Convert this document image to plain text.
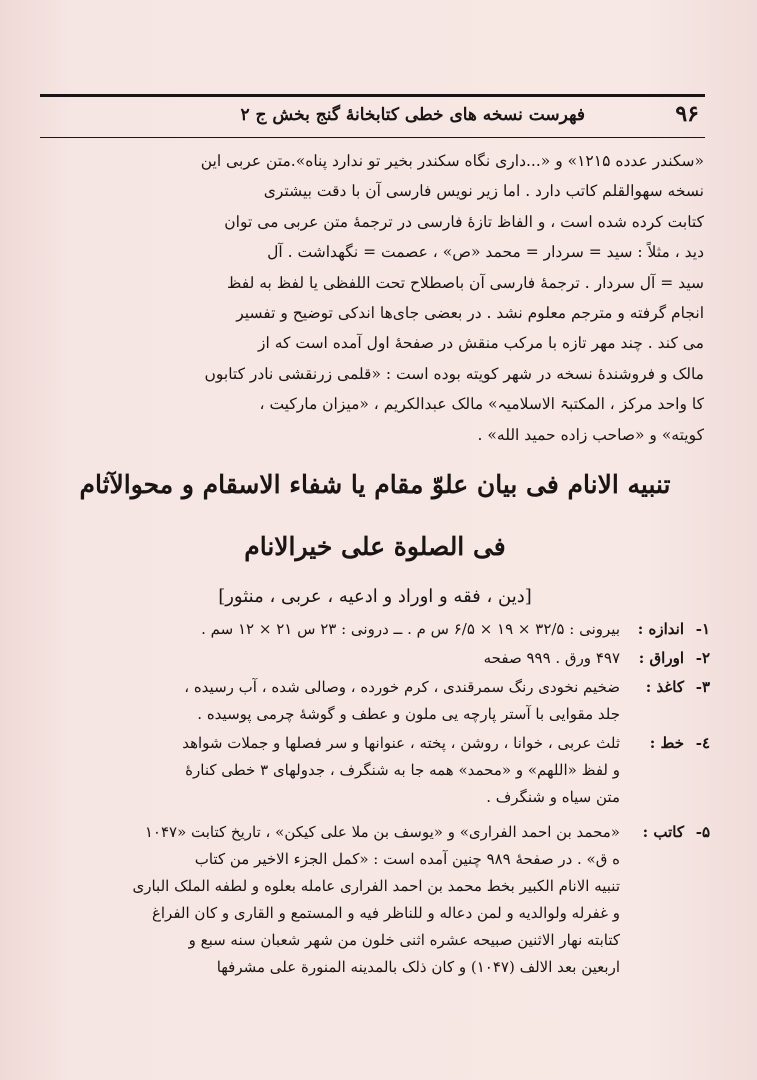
۹۶
فهرست نسخه های خطی کتابخانهٔ گنج بخش ج ۲

«سکندر عدده ۱۲۱۵» و «...داری نگاه سکندر بخیر تو ندارد پناه».متن عربی این

نسخه سهوالقلم کاتب دارد . اما زیر نویس فارسی آن با دقت بیشتری

کتابت کرده شده است ، و الفاظ تازهٔ فارسی در ترجمهٔ متن عربی می توان

دید ، مثلاً : سید = سردار = محمد «ص» ، عصمت = نگهداشت . آل

سید = آل سردار . ترجمهٔ فارسی آن باصطلاح تحت اللفظی یا لفظ به لفظ

انجام گرفته و مترجم معلوم نشد . در بعضی جای‌ها اندکی توضیح و تفسیر

می کند . چند مهر تازه با مرکب منقش در صفحهٔ اول آمده است که از

مالک و فروشندهٔ نسخه در شهر کویته بوده است : «قلمی زرنقشی نادر کتابوں

کا واحد مرکز ، المکتبۃ الاسلامیہ» مالک عبدالکریم ، «میزان مارکیت ،

کویته» و «صاحب زاده حمید الله» .

تنبیه الانام فی بیان علوّ مقام یا شفاء الاسقام و محوالآثام
فی الصلوة علی خیرالانام
[دین ، فقه و اوراد و ادعیه ، عربی ، منثور]
۱-
اندازه :
بیرونی : ۳۲/۵ × ۱۹ × ۶/۵ س م . ــ درونی : ۲۳ س ۲۱ × ۱۲ سم .
۲-
اوراق :
۴۹۷ ورق . ۹۹۹ صفحه
۳-
کاغذ :
ضخیم نخودی رنگ سمرقندی ، کرم خورده ، وصالی شده ، آب رسیده ،
جلد مقوایی با آستر پارچه یی ملون و عطف و گوشهٔ چرمی پوسیده .
٤-
خط :
ثلث عربی ، خوانا ، روشن ، پخته ، عنوانها و سر فصلها و جملات شواهد
و لفظ «اللهم» و «محمد» همه جا به شنگرف ، جدولهای ۳ خطی کنارهٔ
متن سیاه و شنگرف .
۵-
کاتب :
«محمد بن احمد الفراری» و «یوسف بن ملا علی کیکن» ، تاریخ کتابت «۱۰۴۷
ه ق» . در صفحهٔ ۹۸۹ چنین آمده است : «کمل الجزء الاخیر من کتاب
تنبیه الانام الکبیر بخط محمد بن احمد الفراری عامله بعلوه و لطفه الملک الباری
و غفرله ولوالدیه و لمن دعاله و للناظر فیه و المستمع و القاری و کان الفراغ
کتابته نهار الاثنین صبیحه عشره اثنی خلون من شهر شعبان سنه سبع و
اربعین بعد الالف (۱۰۴۷) و کان ذلک بالمدینه المنورة علی مشرفها
